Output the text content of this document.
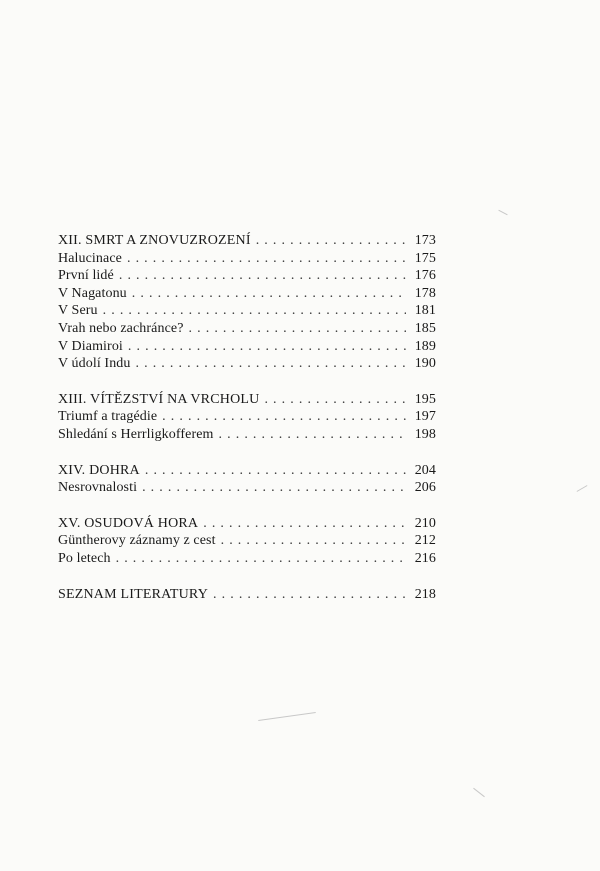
XII. SMRT A ZNOVUZROZENÍ . . .	173
Halucinace . . .	175
První lidé . . .	176
V Nagatonu . . .	178
V Seru . . .	181
Vrah nebo zachránce? . . .	185
V Diamiroi . . .	189
V údolí Indu . . .	190
XIII. VÍTĚZSTVÍ NA VRCHOLU . . .	195
Triumf a tragédie . . .	197
Shledání s Herrligkofferem . . .	198
XIV. DOHRA . . .	204
Nesrovnalosti . . .	206
XV. OSUDOVÁ HORA . . .	210
Güntherovy záznamy z cest . . .	212
Po letech . . .	216
SEZNAM LITERATURY . . .	218
